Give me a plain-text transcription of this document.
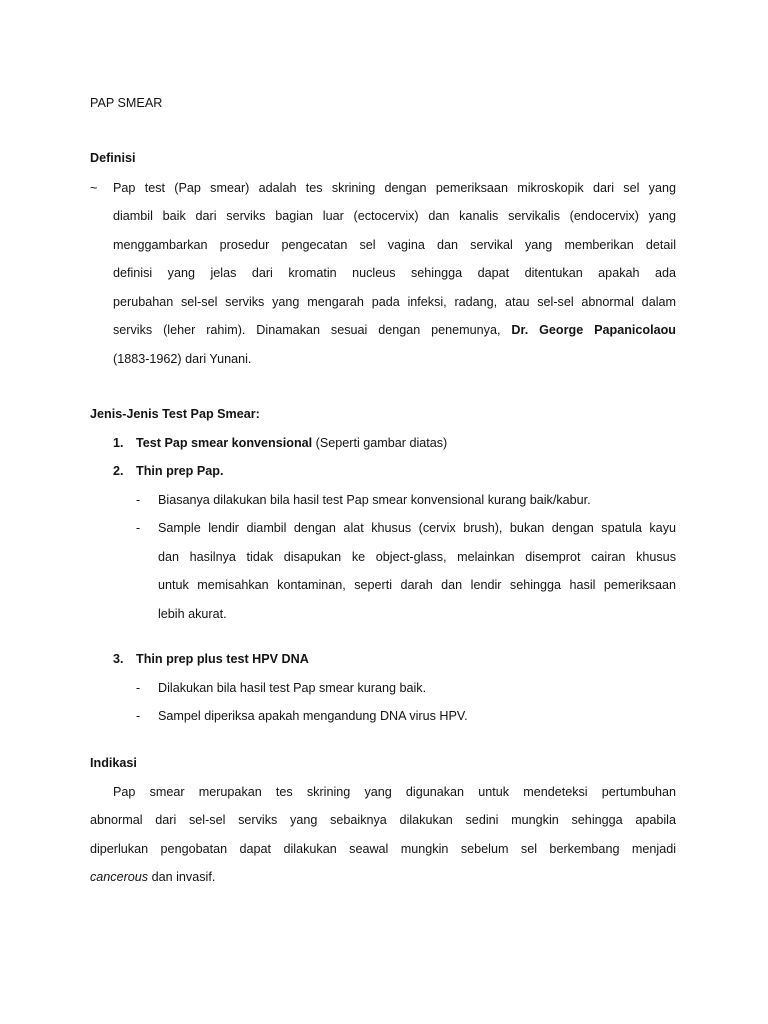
PAP SMEAR

Definisi

~ Pap test (Pap smear) adalah tes skrining dengan pemeriksaan mikroskopik dari sel yang

diambil baik dari serviks bagian luar (ectocervix) dan kanalis servikalis (endocervix) yang

menggambarkan prosedur pengecatan sel vagina dan servikal yang memberikan detail

definisi yang jelas dari kromatin nucleus sehingga dapat ditentukan apakah ada

perubahan sel-sel serviks yang mengarah pada infeksi, radang, atau sel-sel abnormal dalam

serviks (leher rahim). Dinamakan sesuai dengan penemunya, Dr. George Papanicolaou

(1883-1962) dari Yunani.

Jenis-Jenis Test Pap Smear:

1. Test Pap smear konvensional (Seperti gambar diatas)

2. Thin prep Pap.

- Biasanya dilakukan bila hasil test Pap smear konvensional kurang baik/kabur.

- Sample lendir diambil dengan alat khusus (cervix brush), bukan dengan spatula kayu

dan hasilnya tidak disapukan ke object-glass, melainkan disemprot cairan khusus

untuk memisahkan kontaminan, seperti darah dan lendir sehingga hasil pemeriksaan

lebih akurat.

3. Thin prep plus test HPV DNA

- Dilakukan bila hasil test Pap smear kurang baik.

- Sampel diperiksa apakah mengandung DNA virus HPV.

Indikasi

Pap smear merupakan tes skrining yang digunakan untuk mendeteksi pertumbuhan

abnormal dari sel-sel serviks yang sebaiknya dilakukan sedini mungkin sehingga apabila

diperlukan pengobatan dapat dilakukan seawal mungkin sebelum sel berkembang menjadi

cancerous dan invasif.
